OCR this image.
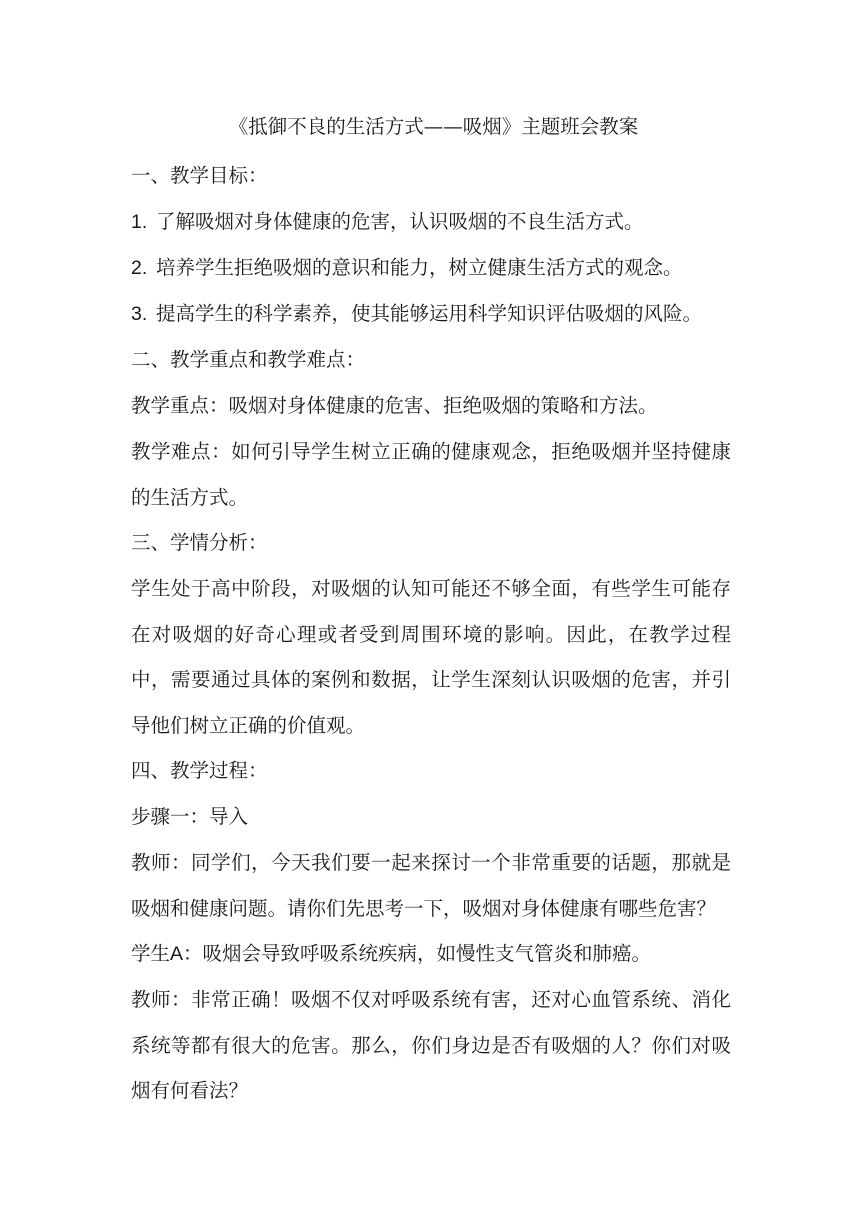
《抵御不良的生活方式——吸烟》主题班会教案

一、教学目标：

1. 了解吸烟对身体健康的危害，认识吸烟的不良生活方式。

2. 培养学生拒绝吸烟的意识和能力，树立健康生活方式的观念。

3. 提高学生的科学素养，使其能够运用科学知识评估吸烟的风险。

二、教学重点和教学难点：

教学重点：吸烟对身体健康的危害、拒绝吸烟的策略和方法。

教学难点：如何引导学生树立正确的健康观念，拒绝吸烟并坚持健康的生活方式。

三、学情分析：

学生处于高中阶段，对吸烟的认知可能还不够全面，有些学生可能存在对吸烟的好奇心理或者受到周围环境的影响。因此，在教学过程中，需要通过具体的案例和数据，让学生深刻认识吸烟的危害，并引导他们树立正确的价值观。

四、教学过程：

步骤一：导入

教师：同学们，今天我们要一起来探讨一个非常重要的话题，那就是吸烟和健康问题。请你们先思考一下，吸烟对身体健康有哪些危害？

学生A：吸烟会导致呼吸系统疾病，如慢性支气管炎和肺癌。

教师：非常正确！吸烟不仅对呼吸系统有害，还对心血管系统、消化系统等都有很大的危害。那么，你们身边是否有吸烟的人？你们对吸烟有何看法？
